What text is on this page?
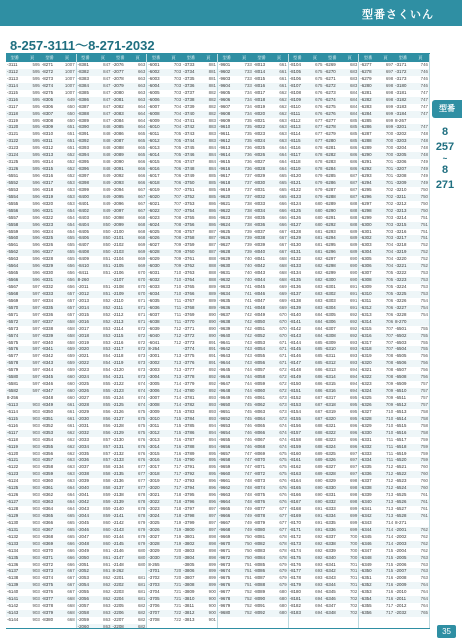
型番さくいん
8-257-3111～8-271-2032
型番	頁	型番	頁
-3111	595 -8271	1007
-3112	595 -8272	1007
-3113	595 -8273	1007
-3114	595 -8274	1007
-3115	595 -8275	1007
-3116	595 -8305	649
-3117	595 -8306	650
-3118	595 -8307	650
-3119	595 -8308	650
-3120	595 -8309	651
-3121	595 -8310	651
-3122	595 -8311	651
-3123	595 -8312	651
-3124	595 -8313	652
-3125	595 -8314	652
-3126	595 -8315	652
-5551	596 -8316	652
-5552	596 -8317	653
-5553	596 -8318	653
-5554	596 -8319	653
-5555	596 -8320	653
-5556	596 -8321	654
-5557	596 -8322	654
-5558	596 -8323	654
-5559	596 -8324	654
-5560	596 -8325	655
-5561	596 -8326	655
-5562	596 -8327	655
-5563	596 -8328	655
-5564	596 -8329	656
-5565	596 -8330	656
-5566	596 -8331	656
-5567	597 -8332	656
-5568	597 -8333	657
-5569	597 -8334	657
-5570	597 -8335	657
-5571	597 -8336	657
-5572	597 -8337	658
-5573	597 -8338	658
-5574	597 -8339	658
-5575	597 -8340	658
-5576	597 -8341	659
-5577	597 -8342	659
-5578	597 -8343	659
-5579	597 -8344	659
-5580	597 -8345	660
-5581	597 -8346	660
-5582	597 -8347	660
8-256	-8348	660
-6113	903 -8349	661
-6114	903 -8350	661
-6115	903 -8351	661
-6116	903 -8352	661
-6117	903 -8353	662
-6118	903 -8354	662
-6119	903 -8355	662
-6120	903 -8356	662
-6121	903 -8357	663
-6122	903 -8358	663
-6123	903 -8359	663
-6124	903 -8360	663
-6125	903 -8361	664
-6126	903 -8362	664
-6127	903 -8363	664
-6128	903 -8364	664
-6129	903 -8365	665
-6130	903 -8366	665
-6131	903 -8367	665
-6132	903 -8368	665
-6133	903 -8369	666
-6134	903 -8370	666
-6135	903 -8371	666
-6136	903 -8372	666
-6137	903 -8373	667
-6138	903 -8374	667
-6139	903 -8375	667
-6140	903 -8376	667
-6141	903 -8377	668
-6142	903 -8378	668
-6143	903 -8379	668
-6144	903 -8380	668
型番	頁	型番	頁
-8381	847 -2076	663
-8382	847 -2077	663
-8383	847 -2078	663
-8384	847 -2079	663
-8385	847 -2080	663
-8386	847 -2081	663
-8387	847 -2082	664
-8388	847 -2083	664
-8389	847 -2084	664
-8390	848 -2085	664
-8391	848 -2086	665
-8392	848 -2087	665
-8393	848 -2088	665
-8394	848 -2089	665
-8395	848 -2090	666
-8396	848 -2091	666
-8397	849 -2092	666
-8398	849 -2093	666
-8399	849 -2094	667
-8400	849 -2095	667
-8401	849 -2096	667
-8402	849 -2097	667
-8403	850 -2098	668
-8404	850 -2099	668
-8405	850 -2100	668
-8406	850 -2101	668
-8407	850 -2102	669
-8408	850 -2103	669
-8409	851 -2104	669
-8410	851 -2105	669
-8411	851 -2106	670
8-260	-2107	670
-2011	851 -2108	670
-2012	851 -2109	670
-2013	852 -2110	671
-2014	852 -2111	671
-2015	852 -2112	671
-2016	852 -2113	671
-2017	853 -2114	672
-2018	853 -2115	672
-2019	853 -2116	672
-2020	853 -2117	672
-2021	854 -2118	673
-2022	854 -2119	673
-2023	854 -2120	673
-2024	854 -2121	673
-2025	855 -2122	674
-2026	855 -2123	674
-2027	855 -2124	674
-2028	855 -2125	674
-2029	856 -2126	675
-2030	856 -2127	675
-2031	856 -2128	675
-2032	856 -2129	675
-2033	857 -2130	676
-2034	857 -2131	676
-2035	857 -2132	676
-2036	857 -2133	676
-2037	858 -2134	677
-2038	858 -2135	677
-2039	858 -2136	677
-2040	858 -2137	677
-2041	859 -2138	678
-2042	859 -2139	678
-2043	859 -2140	678
-2044	859 -2141	678
-2045	860 -2142	679
-2046	860 -2143	679
-2047	860 -2144	679
-2048	860 -2145	679
-2049	861 -2146	680
-2050	861 -2147	680
-2051	861 -2148	680
-2052	861 8-262
-2053	862 -2201	681
-2054	862 -2202	681
-2055	862 -2203	681
-2056	862 -2204	681
-2057	863 -2205	682
-2058	863 -2206	682
-2059	863 -2207	682
-2060	863 -2208	682
型番	頁	型番	頁
-6001	703 -3733	881
-6002	703 -3734	881
-6003	703 -3735	881
-6004	703 -3736	881
-6005	703 -3737	882
-6006	703 -3738	882
-6007	704 -3739	882
-6008	704 -3740	882
-6009	704 -3741	883
-6010	704 -3742	883
-6011	705 -3743	883
-6012	705 -3744	883
-6013	705 -3745	884
-6014	705 -3746	884
-6015	706 -3747	884
-6016	706 -3748	884
-6017	706 -3749	885
-6018	706 -3750	885
-6019	707 -3751	885
-6020	707 -3752	885
-6021	707 -3753	886
-6022	707 -3754	886
-6023	708 -3755	886
-6024	708 -3756	886
-6025	708 -3757	887
-6026	708 -3758	887
-6027	709 -3759	887
-6028	709 -3760	887
-6029	709 -3761	888
-6030	709 -3762	888
-6031	710 -3763	888
-6032	710 -3764	888
-6033	710 -3765	889
-6034	710 -3766	889
-6035	711 -3767	889
-6036	711 -3768	889
-6037	711 -3769	890
-6038	711 -3770	890
-6039	712 -3771	890
-6040	712 -3772	890
-6041	712 -3773	891
8-264	-3774	891
-3001	713 -3775	891
-3002	713 -3776	891
-3003	713 -3777	892
-3004	713 -3778	892
-3005	714 -3779	892
-3006	714 -3780	892
-3007	714 -3781	893
-3008	714 -3782	893
-3009	715 -3783	893
-3010	715 -3784	893
-3011	715 -3785	894
-3012	715 -3786	894
-3013	716 -3787	894
-3014	716 -3788	894
-3015	716 -3789	895
-3016	716 -3790	895
-3017	717 -3791	895
-3018	717 -3792	895
-3019	717 -3793	896
-3020	717 -3794	896
-3021	718 -3795	896
-3022	718 -3796	896
-3023	718 -3797	897
-3024	718 -3798	897
-3025	719 -3799	897
-3026	719 -3800	897
-3027	719 -3801	898
-3028	719 -3802	898
-3029	720 -3803	898
-3030	720 -3804	898
8-265	-3805	899
-3701	720 -3806	899
-3702	720 -3807	899
-3703	721 -3808	899
-3704	721 -3809	900
-3705	721 -3810	900
-3706	721 -3811	900
-3707	722 -3812	900
-3708	722 -3813	901
型番	頁	型番	頁
-9601	733 -8013	661
-9602	733 -8014	661
-9603	733 -8015	661
-9604	733 -8016	661
-9605	734 -8017	662
-9606	734 -8018	662
-9607	734 -8019	662
-9608	734 -8020	662
-9609	735 -8021	663
-9610	735 -8022	663
-9611	735 -8023	663
-9612	735 -8024	663
-9613	736 -8025	664
-9614	736 -8026	664
-9615	736 -8027	664
-9616	736 -8028	664
-9617	737 -8029	665
-9618	737 -8030	665
-9619	737 -8031	665
-9620	737 -8032	665
-9621	738 -8033	666
-9622	738 -8034	666
-9623	738 -8035	666
-9624	738 -8036	666
-9625	739 -8037	667
-9626	739 -8038	667
-9627	739 -8039	667
-9628	739 -8040	667
-9629	740 -8041	668
-9630	740 -8042	668
-9631	740 -8043	668
-9632	740 -8044	668
-9633	741 -8045	669
-9634	741 -8046	669
-9635	741 -8047	669
-9636	741 -8048	669
-9637	742 -8049	670
-9638	742 -8050	670
-9639	742 -8051	670
-9640	742 -8052	670
-9641	743 -8053	671
-9642	743 -8054	671
-9643	743 -8055	671
-9644	743 -8056	671
-9645	744 -8057	672
-9646	744 -8058	672
-9647	744 -8059	672
-9648	744 -8060	672
-9649	745 -8061	673
-9650	745 -8062	673
-9651	745 -8063	673
-9652	745 -8064	673
-9653	746 -8065	674
-9654	746 -8066	674
-9655	746 -8067	674
-9656	746 -8068	674
-9657	747 -8069	675
-9658	747 -8070	675
-9659	747 -8071	675
-9660	747 -8072	675
-9661	748 -8073	676
-9662	748 -8074	676
-9663	748 -8075	676
-9664	748 -8076	676
-9665	749 -8077	677
-9666	749 -8078	677
-9667	749 -8079	677
-9668	749 -8080	677
-9669	750 -8081	678
-9670	750 -8082	678
-9671	750 -8083	678
-9672	750 -8084	678
-9673	751 -8085	679
-9674	751 -8086	679
-9675	751 -8087	679
-9676	751 -8088	679
-9677	752 -8089	680
-9678	752 -8090	680
-9679	752 -8091	680
-9680	752 -8092	680
型番	頁	型番	頁
-8104	675 -6269	683
-8105	675 -6270	683
-8106	675 -6271	683
-8107	675 -6272	683
-8108	676 -6273	684
-8109	676 -6274	684
-8110	676 -6275	684
-8111	676 -6276	684
-8112	677 -6277	685
-8113	677 -6278	685
-8114	677 -6279	685
-8115	677 -6280	685
-8116	678 -6281	686
-8117	678 -6282	686
-8118	678 -6283	686
-8119	678 -6284	686
-8120	679 -6285	687
-8121	679 -6286	687
-8122	679 -6287	687
-8123	679 -6288	687
-8124	680 -6289	688
-8125	680 -6290	688
-8126	680 -6291	688
-8127	680 -6292	688
-8128	681 -6293	689
-8129	681 -6294	689
-8130	681 -6295	689
-8131	681 -6296	689
-8132	682 -6297	690
-8133	682 -6298	690
-8134	682 -6299	690
-8135	682 -6300	690
-8136	683 -6301	691
-8137	683 -6302	691
-8138	683 -6303	691
-8139	683 -6304	691
-8140	684 -6305	692
-8141	684 -6306	692
-8142	684 -6307	692
-8143	684 -6308	692
-8144	685 -6309	693
-8145	685 -6310	693
-8146	685 -6311	693
-8147	685 -6312	693
-8148	686 -6313	694
-8149	686 -6314	694
-8150	686 -6315	694
-8151	686 -6316	694
-8152	687 -6317	695
-8153	687 -6318	695
-8154	687 -6319	695
-8155	687 -6320	695
-8156	688 -6321	696
-8157	688 -6322	696
-8158	688 -6323	696
-8159	688 -6324	696
-8160	689 -6325	697
-8161	689 -6326	697
-8162	689 -6327	697
-8163	689 -6328	697
-8164	690 -6329	698
-8165	690 -6330	698
-8166	690 -6331	698
-8167	690 -6332	698
-8168	691 -6333	699
-8169	691 -6334	699
-8170	691 -6335	699
-8171	691 -6336	699
-8172	692 -6337	700
-8173	692 -6338	700
-8174	692 -6339	700
-8175	692 -6340	700
-8176	693 -6341	701
-8177	693 -6342	701
-8178	693 -6343	701
-8179	693 -6344	701
-8180	694 -6345	702
-8181	694 -6346	702
-8182	694 -6347	702
-8183	694 -6348	702
型番	頁	型番	頁
-6277	697 -3171	746
-6278	697 -3172	746
-6279	698 -3173	746
-6280	698 -3180	746
-6281	698 -3181	747
-6282	698 -3182	747
-6283	699 -3183	747
-6284	699 -3184	747
-6285	699 8-267
-6286	699 -3201	747
-6287	700 -3202	748
-6288	700 -3203	748
-6289	700 -3204	748
-6290	700 -3205	748
-6291	701 -3206	749
-6292	701 -3207	749
-6293	701 -3208	749
-6294	701 -3209	749
-6295	702 -3210	750
-6296	702 -3211	750
-6297	702 -3212	750
-6298	702 -3213	750
-6299	703 -3214	751
-6300	703 -3215	751
-6301	703 -3216	751
-6302	703 -3217	751
-6303	704 -3218	752
-6304	704 -3219	752
-6305	704 -3220	752
-6306	704 -3221	752
-6307	705 -3222	753
-6308	705 -3223	753
-6309	705 -3224	753
-6310	705 -3225	753
-6311	706 -3226	754
-6312	706 -3227	754
-6313	706 -3228	754
-6314	706 8-270
-6315	707 -6501	755
-6316	707 -6502	755
-6317	707 -6503	755
-6318	707 -6504	755
-6319	708 -6505	756
-6320	708 -6506	756
-6321	708 -6507	756
-6322	708 -6508	756
-6323	709 -6509	757
-6324	709 -6510	757
-6325	709 -6511	757
-6326	709 -6512	757
-6327	710 -6513	758
-6328	710 -6514	758
-6329	710 -6515	758
-6330	710 -6516	758
-6331	711 -6517	759
-6332	711 -6518	759
-6333	711 -6519	759
-6334	711 -6520	759
-6335	712 -6521	760
-6336	712 -6522	760
-6337	712 -6523	760
-6338	712 -6524	760
-6339	713 -6525	761
-6340	713 -6526	761
-6341	713 -6527	761
-6342	713 -6528	761
-6343	714 8-271
-6344	714 -2001	762
-6345	714 -2002	762
-6346	714 -2003	762
-6347	715 -2004	762
-6348	715 -2005	763
-6349	715 -2006	763
-6350	715 -2007	763
-6351	716 -2008	763
-6352	716 -2009	764
-6353	716 -2010	764
-6354	716 -2011	764
-6355	717 -2012	764
-6356	717 -2032	765
型番
8
257
~
8
271
35
